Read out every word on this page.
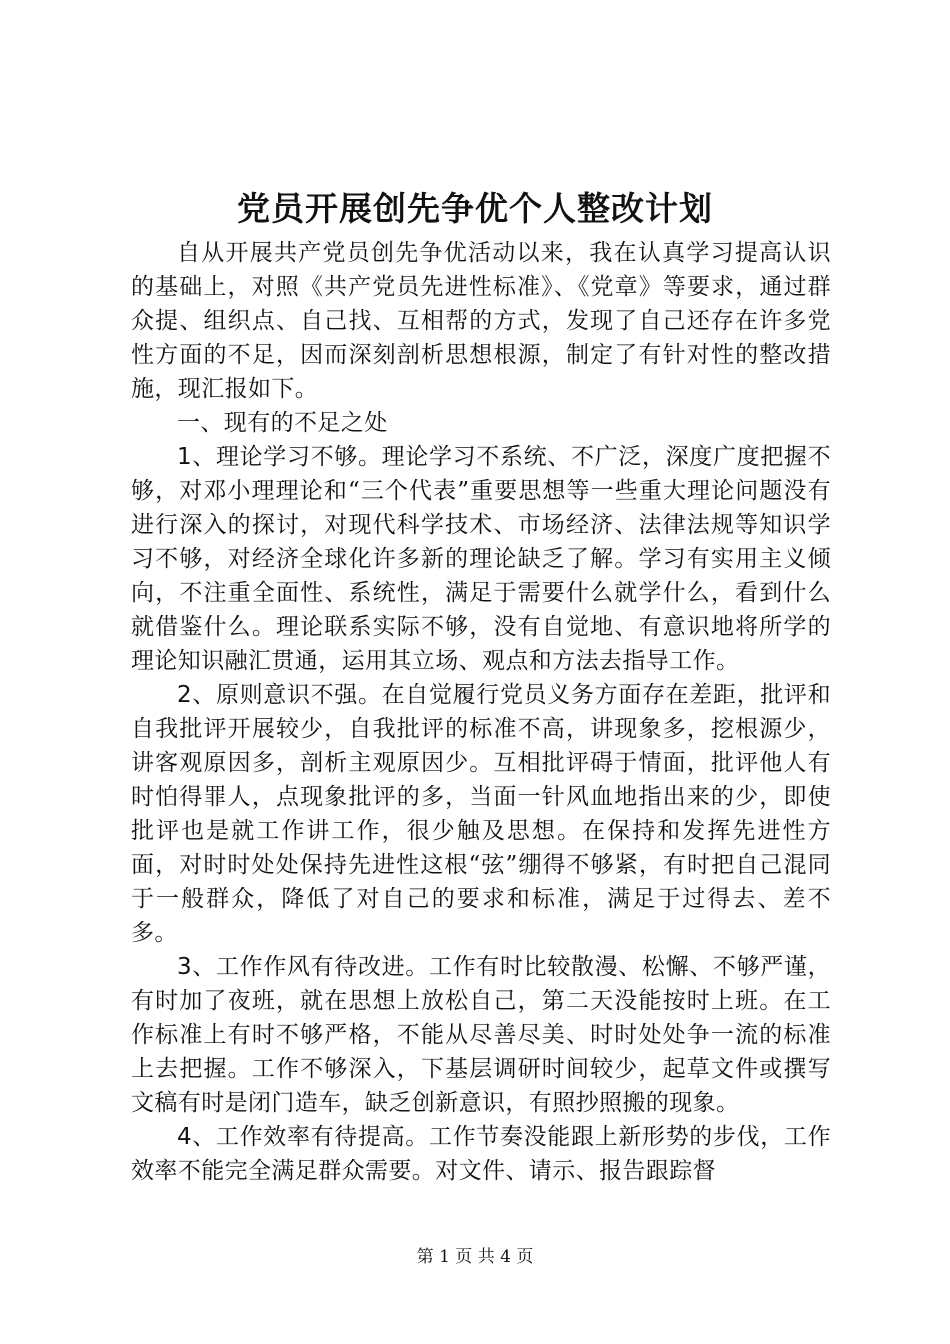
党员开展创先争优个人整改计划

自从开展共产党员创先争优活动以来，我在认真学习提高认识的基础上，对照《共产党员先进性标准》、《党章》等要求，通过群众提、组织点、自己找、互相帮的方式，发现了自己还存在许多党性方面的不足，因而深刻剖析思想根源，制定了有针对性的整改措施，现汇报如下。

一、现有的不足之处

1、理论学习不够。理论学习不系统、不广泛，深度广度把握不够，对邓小理理论和“三个代表”重要思想等一些重大理论问题没有进行深入的探讨，对现代科学技术、市场经济、法律法规等知识学习不够，对经济全球化许多新的理论缺乏了解。学习有实用主义倾向，不注重全面性、系统性，满足于需要什么就学什么，看到什么就借鉴什么。理论联系实际不够，没有自觉地、有意识地将所学的理论知识融汇贯通，运用其立场、观点和方法去指导工作。

2、原则意识不强。在自觉履行党员义务方面存在差距，批评和自我批评开展较少，自我批评的标准不高，讲现象多，挖根源少，讲客观原因多，剖析主观原因少。互相批评碍于情面，批评他人有时怕得罪人，点现象批评的多，当面一针风血地指出来的少，即使批评也是就工作讲工作，很少触及思想。在保持和发挥先进性方面，对时时处处保持先进性这根“弦”绷得不够紧，有时把自己混同于一般群众，降低了对自己的要求和标准，满足于过得去、差不多。

3、工作作风有待改进。工作有时比较散漫、松懈、不够严谨，有时加了夜班，就在思想上放松自己，第二天没能按时上班。在工作标准上有时不够严格，不能从尽善尽美、时时处处争一流的标准上去把握。工作不够深入，下基层调研时间较少，起草文件或撰写文稿有时是闭门造车，缺乏创新意识，有照抄照搬的现象。

4、工作效率有待提高。工作节奏没能跟上新形势的步伐，工作效率不能完全满足群众需要。对文件、请示、报告跟踪督

第 1 页 共 4 页
